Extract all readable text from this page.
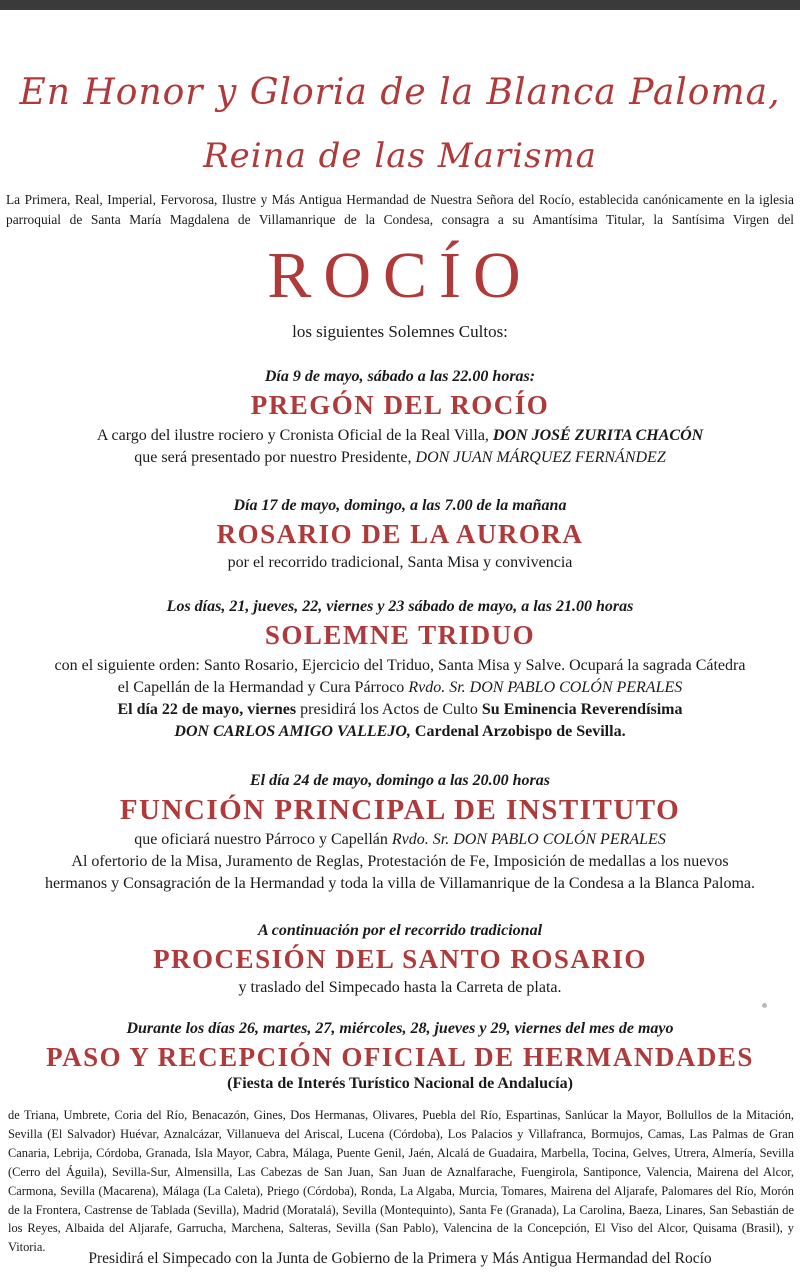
En Honor y Gloria de la Blanca Paloma,
Reina de las Marisma
La Primera, Real, Imperial, Fervorosa, Ilustre y Más Antigua Hermandad de Nuestra Señora del Rocío, establecida canónicamente en la iglesia parroquial de Santa María Magdalena de Villamanrique de la Condesa, consagra a su Amantísima Titular, la Santísima Virgen del
ROCÍO
los siguientes Solemnes Cultos:
Día 9 de mayo, sábado a las 22.00 horas:
PREGÓN DEL ROCÍO
A cargo del ilustre rociero y Cronista Oficial de la Real Villa, DON JOSÉ ZURITA CHACÓN
que será presentado por nuestro Presidente, DON JUAN MÁRQUEZ FERNÁNDEZ
Día 17 de mayo, domingo, a las 7.00 de la mañana
ROSARIO DE LA AURORA
por el recorrido tradicional, Santa Misa y convivencia
Los días, 21, jueves, 22, viernes y 23 sábado de mayo, a las 21.00 horas
SOLEMNE TRIDUO
con el siguiente orden: Santo Rosario, Ejercicio del Triduo, Santa Misa y Salve. Ocupará la sagrada Cátedra
el Capellán de la Hermandad y Cura Párroco Rvdo. Sr. DON PABLO COLÓN PERALES
El día 22 de mayo, viernes presidirá los Actos de Culto Su Eminencia Reverendísima
DON CARLOS AMIGO VALLEJO, Cardenal Arzobispo de Sevilla.
El día 24 de mayo, domingo a las 20.00 horas
FUNCIÓN PRINCIPAL DE INSTITUTO
que oficiará nuestro Párroco y Capellán Rvdo. Sr. DON PABLO COLÓN PERALES
Al ofertorio de la Misa, Juramento de Reglas, Protestación de Fe, Imposición de medallas a los nuevos
hermanos y Consagración de la Hermandad y toda la villa de Villamanrique de la Condesa a la Blanca Paloma.
A continuación por el recorrido tradicional
PROCESIÓN DEL SANTO ROSARIO
y traslado del Simpecado hasta la Carreta de plata.
Durante los días 26, martes, 27, miércoles, 28, jueves y 29, viernes del mes de mayo
PASO Y RECEPCIÓN OFICIAL DE HERMANDADES
(Fiesta de Interés Turístico Nacional de Andalucía)
de Triana, Umbrete, Coria del Río, Benacazón, Gines, Dos Hermanas, Olivares, Puebla del Río, Espartinas, Sanlúcar la Mayor, Bollullos de la Mitación, Sevilla (El Salvador) Huévar, Aznalcázar, Villanueva del Ariscal, Lucena (Córdoba), Los Palacios y Villafranca, Bormujos, Camas, Las Palmas de Gran Canaria, Lebrija, Córdoba, Granada, Isla Mayor, Cabra, Málaga, Puente Genil, Jaén, Alcalá de Guadaira, Marbella, Tocina, Gelves, Utrera, Almería, Sevilla (Cerro del Águila), Sevilla-Sur, Almensilla, Las Cabezas de San Juan, San Juan de Aznalfarache, Fuengirola, Santiponce, Valencia, Mairena del Alcor, Carmona, Sevilla (Macarena), Málaga (La Caleta), Priego (Córdoba), Ronda, La Algaba, Murcia, Tomares, Mairena del Aljarafe, Palomares del Río, Morón de la Frontera, Castrense de Tablada (Sevilla), Madrid (Moratalá), Sevilla (Montequinto), Santa Fe (Granada), La Carolina, Baeza, Linares, San Sebastián de los Reyes, Albaida del Aljarafe, Garrucha, Marchena, Salteras, Sevilla (San Pablo), Valencina de la Concepción, El Viso del Alcor, Quisama (Brasil), y Vitoria.
Presidirá el Simpecado con la Junta de Gobierno de la Primera y Más Antigua Hermandad del Rocío
